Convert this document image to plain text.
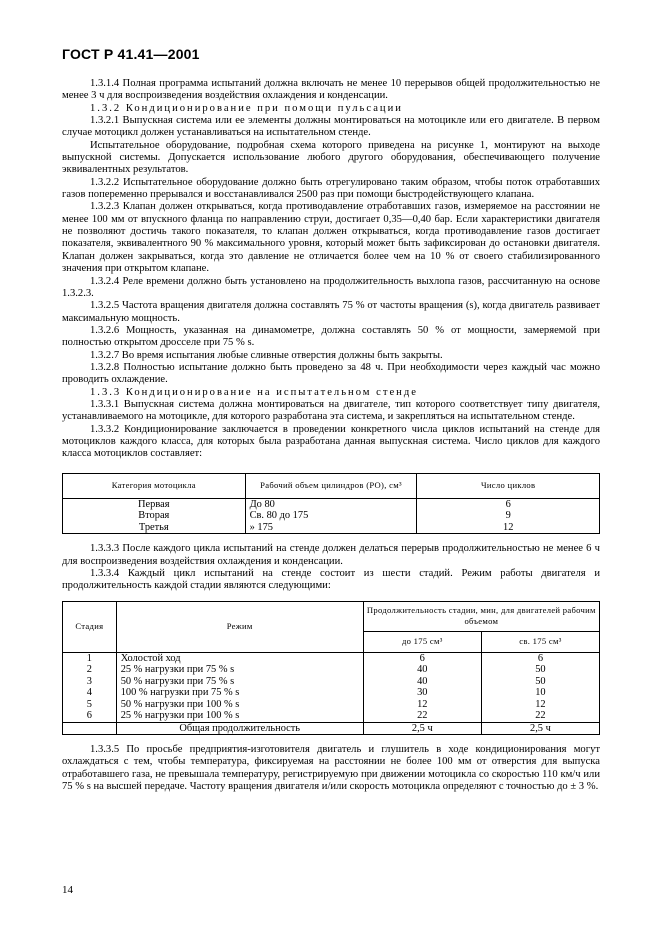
ГОСТ Р 41.41—2001

1.3.1.4 Полная программа испытаний должна включать не менее 10 перерывов общей продолжительностью не менее 3 ч для воспроизведения воздействия охлаждения и конденсации.

1.3.2 Кондиционирование при помощи пульсации

1.3.2.1 Выпускная система или ее элементы должны монтироваться на мотоцикле или его двигателе. В первом случае мотоцикл должен устанавливаться на испытательном стенде.

Испытательное оборудование, подробная схема которого приведена на рисунке 1, монтируют на выходе выпускной системы. Допускается использование любого другого оборудования, обеспечивающего получение эквивалентных результатов.

1.3.2.2 Испытательное оборудование должно быть отрегулировано таким образом, чтобы поток отработавших газов попеременно прерывался и восстанавливался 2500 раз при помощи быстродействующего клапана.

1.3.2.3 Клапан должен открываться, когда противодавление отработавших газов, измеряемое на расстоянии не менее 100 мм от впускного фланца по направлению струи, достигает 0,35—0,40 бар. Если характеристики двигателя не позволяют достичь такого показателя, то клапан должен открываться, когда противодавление газов достигает показателя, эквивалентного 90 % максимального уровня, который может быть зафиксирован до остановки двигателя. Клапан должен закрываться, когда это давление не отличается более чем на 10 % от своего стабилизированного значения при открытом клапане.

1.3.2.4 Реле времени должно быть установлено на продолжительность выхлопа газов, рассчитанную на основе 1.3.2.3.

1.3.2.5 Частота вращения двигателя должна составлять 75 % от частоты вращения (s), когда двигатель развивает максимальную мощность.

1.3.2.6 Мощность, указанная на динамометре, должна составлять 50 % от мощности, замеряемой при полностью открытом дросселе при 75 % s.

1.3.2.7 Во время испытания любые сливные отверстия должны быть закрыты.

1.3.2.8 Полностью испытание должно быть проведено за 48 ч. При необходимости через каждый час можно проводить охлаждение.

1.3.3 Кондиционирование на испытательном стенде

1.3.3.1 Выпускная система должна монтироваться на двигателе, тип которого соответствует типу двигателя, устанавливаемого на мотоцикле, для которого разработана эта система, и закрепляться на испытательном стенде.

1.3.3.2 Кондиционирование заключается в проведении конкретного числа циклов испытаний на стенде для мотоциклов каждого класса, для которых была разработана данная выпускная система. Число циклов для каждого класса мотоциклов составляет:

Категория мотоцикла	Рабочий объем цилиндров (РО), см³	Число циклов
Первая	До 80	6
Вторая	Св. 80 до 175	9
Третья	» 175	12

1.3.3.3 После каждого цикла испытаний на стенде должен делаться перерыв продолжительностью не менее 6 ч для воспроизведения воздействия охлаждения и конденсации.

1.3.3.4 Каждый цикл испытаний на стенде состоит из шести стадий. Режим работы двигателя и продолжительность каждой стадии являются следующими:

Стадия	Режим	Продолжительность стадии, мин, для двигателей рабочим объемом	
		до 175 см³	св. 175 см³
1	Холостой ход	6	6
2	25 % нагрузки при 75 % s	40	50
3	50 % нагрузки при 75 % s	40	50
4	100 % нагрузки при 75 % s	30	10
5	50 % нагрузки при 100 % s	12	12
6	25 % нагрузки при 100 % s	22	22
	Общая продолжительность	2,5 ч	2,5 ч

1.3.3.5 По просьбе предприятия-изготовителя двигатель и глушитель в ходе кондиционирования могут охлаждаться с тем, чтобы температура, фиксируемая на расстоянии не более 100 мм от отверстия для выпуска отработавшего газа, не превышала температуру, регистрируемую при движении мотоцикла со скоростью 110 км/ч или 75 % s на высшей передаче. Частоту вращения двигателя и/или скорость мотоцикла определяют с точностью до ± 3 %.

14
